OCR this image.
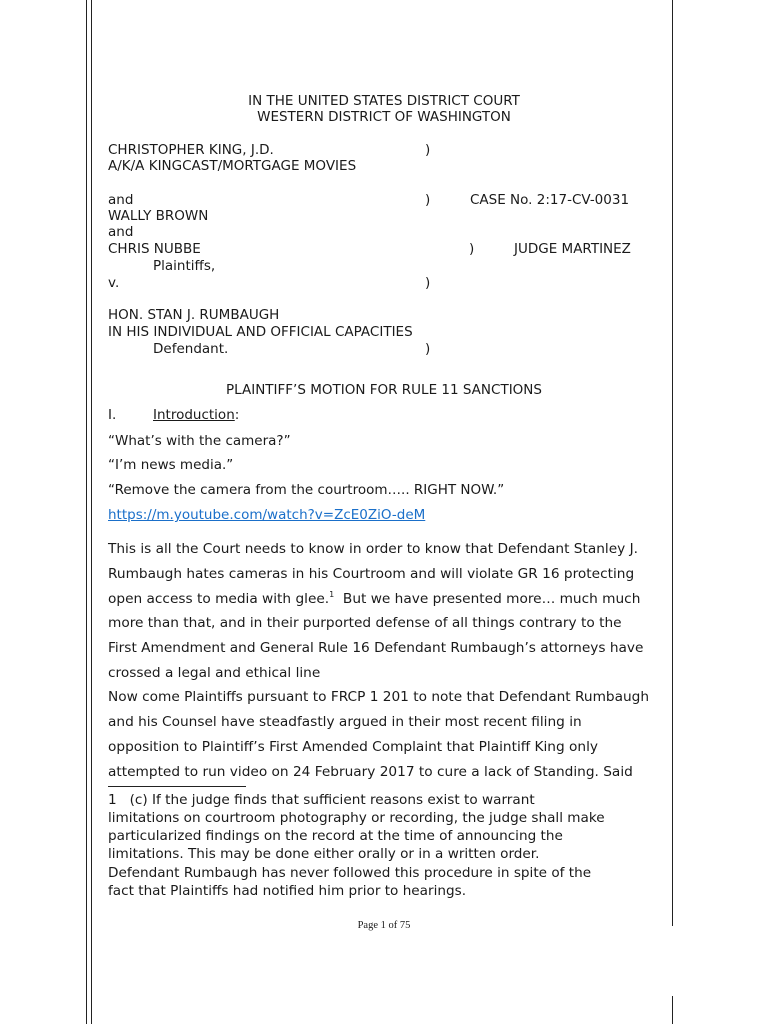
IN THE UNITED STATES DISTRICT COURT
WESTERN DISTRICT OF WASHINGTON
CHRISTOPHER KING, J.D.	)
A/K/A KINGCAST/MORTGAGE MOVIES
and	)	CASE No. 2:17-CV-0031
WALLY BROWN
and
CHRIS NUBBE	)	JUDGE MARTINEZ
Plaintiffs,
v.	)
HON. STAN J. RUMBAUGH
IN HIS INDIVIDUAL AND OFFICIAL CAPACITIES
Defendant.	)
PLAINTIFF’S MOTION FOR RULE 11 SANCTIONS
I.	Introduction:
“What’s with the camera?”
“I’m news media.”
“Remove the camera from the courtroom….. RIGHT NOW.”
https://m.youtube.com/watch?v=ZcE0ZiO-deM
This is all the Court needs to know in order to know that Defendant Stanley J.
Rumbaugh hates cameras in his Courtroom and will violate GR 16 protecting
open access to media with glee.$^1$  But we have presented more… much much
more than that, and in their purported defense of all things contrary to the
First Amendment and General Rule 16 Defendant Rumbaugh’s attorneys have
crossed a legal and ethical line
Now come Plaintiffs pursuant to FRCP 1 201 to note that Defendant Rumbaugh
and his Counsel have steadfastly argued in their most recent filing in
opposition to Plaintiff’s First Amended Complaint that Plaintiff King only
attempted to run video on 24 February 2017 to cure a lack of Standing. Said
1 (c) If the judge finds that sufficient reasons exist to warrant
limitations on courtroom photography or recording, the judge shall make
particularized findings on the record at the time of announcing the
limitations. This may be done either orally or in a written order.
Defendant Rumbaugh has never followed this procedure in spite of the
fact that Plaintiffs had notified him prior to hearings.
Page 1 of 75
